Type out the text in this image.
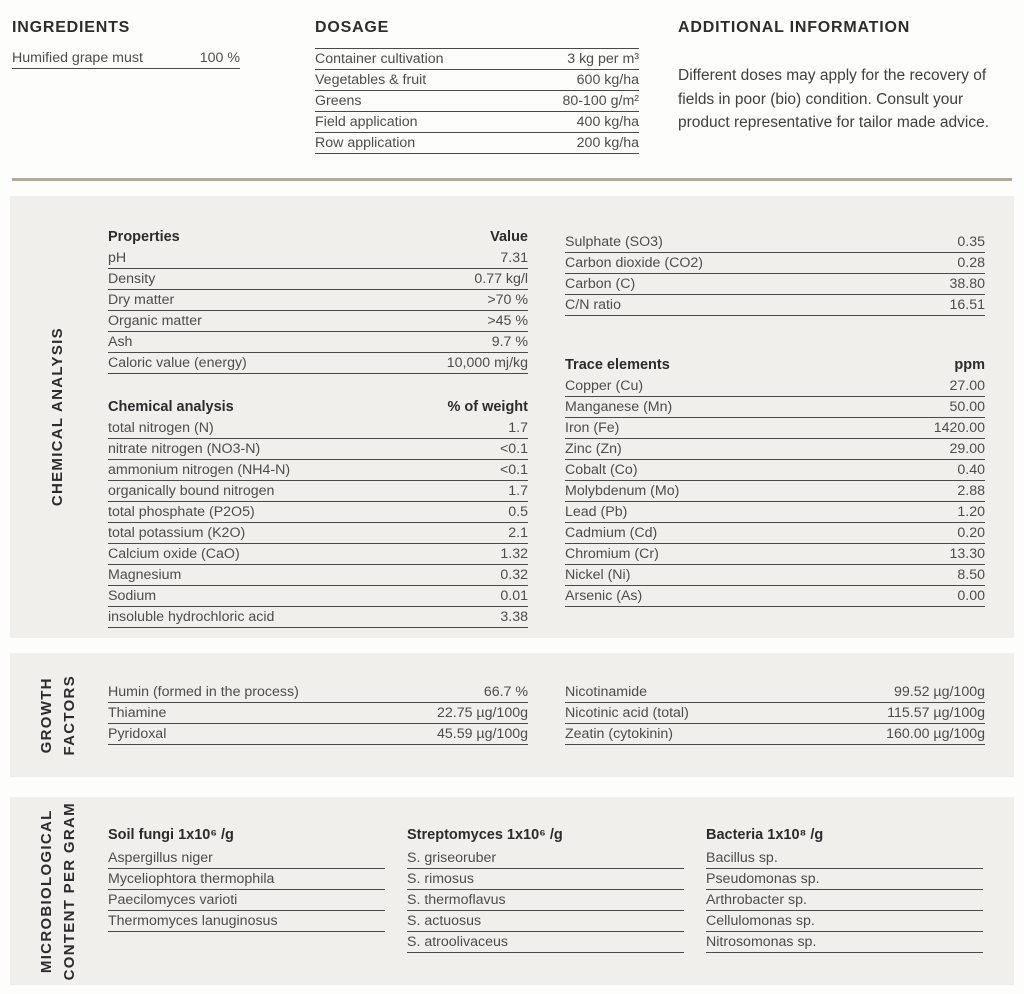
INGREDIENTS
Humified grape must	100 %
DOSAGE
Container cultivation	3 kg per m³
Vegetables & fruit	600 kg/ha
Greens	80-100 g/m²
Field application	400 kg/ha
Row application	200 kg/ha
ADDITIONAL INFORMATION

Different doses may apply for the recovery of fields in poor (bio) condition. Consult your product representative for tailor made advice.

CHEMICAL ANALYSIS
Properties	Value
pH	7.31
Density	0.77 kg/l
Dry matter	>70 %
Organic matter	>45 %
Ash	9.7 %
Caloric value (energy)	10,000 mj/kg
Chemical analysis	% of weight
total nitrogen (N)	1.7
nitrate nitrogen (NO3-N)	<0.1
ammonium nitrogen (NH4-N)	<0.1
organically bound nitrogen	1.7
total phosphate (P2O5)	0.5
total potassium (K2O)	2.1
Calcium oxide (CaO)	1.32
Magnesium	0.32
Sodium	0.01
insoluble hydrochloric acid	3.38
Sulphate (SO3)	0.35
Carbon dioxide (CO2)	0.28
Carbon (C)	38.80
C/N ratio	16.51
Trace elements	ppm
Copper (Cu)	27.00
Manganese (Mn)	50.00
Iron (Fe)	1420.00
Zinc (Zn)	29.00
Cobalt (Co)	0.40
Molybdenum (Mo)	2.88
Lead (Pb)	1.20
Cadmium (Cd)	0.20
Chromium (Cr)	13.30
Nickel (Ni)	8.50
Arsenic (As)	0.00
GROWTH FACTORS Humin (formed in the process)	66.7 %
Thiamine	22.75 µg/100g
Pyridoxal	45.59 µg/100g
Nicotinamide	99.52 µg/100g
Nicotinic acid (total)	115.57 µg/100g
Zeatin (cytokinin)	160.00 µg/100g
MICROBIOLOGICAL CONTENT PER GRAM Soil fungi 1x10⁶ /g
Aspergillus niger
Myceliophtora thermophila
Paecilomyces varioti
Thermomyces lanuginosus
Streptomyces 1x10⁶ /g
S. griseoruber
S. rimosus
S. thermoflavus
S. actuosus
S. atroolivaceus
Bacteria 1x10⁸ /g
Bacillus sp.
Pseudomonas sp.
Arthrobacter sp.
Cellulomonas sp.
Nitrosomonas sp.
